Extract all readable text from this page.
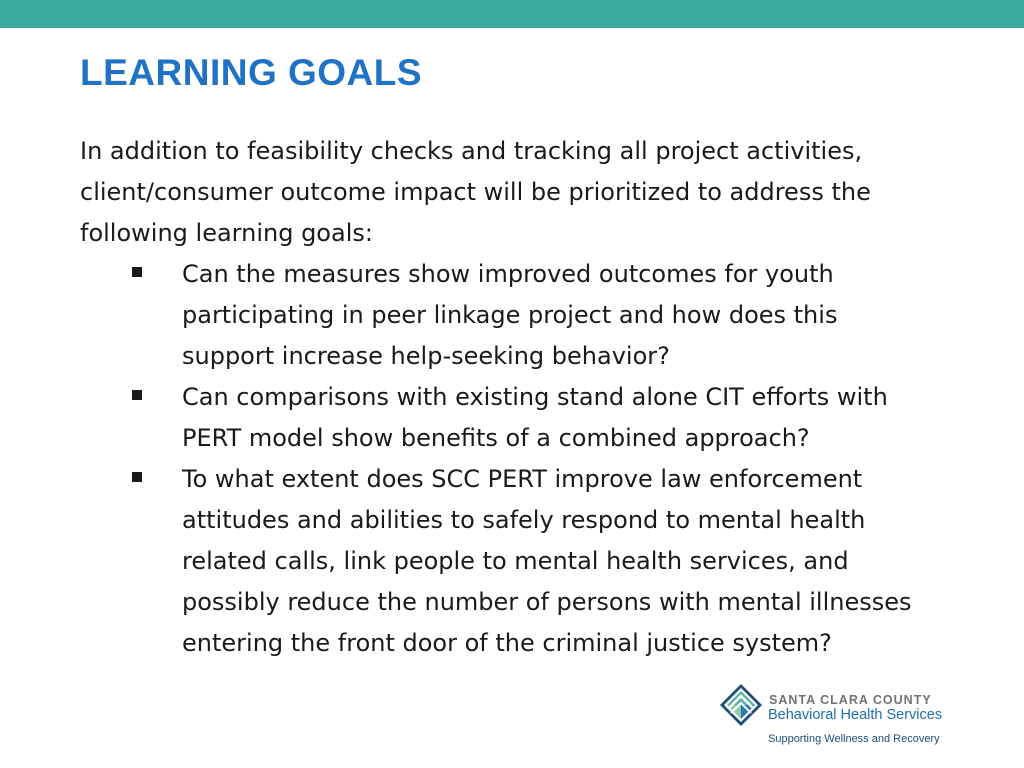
LEARNING GOALS
In addition to feasibility checks and tracking all project activities,
client/consumer outcome impact will be prioritized to address the
following learning goals:
Can the measures show improved outcomes for youth
participating in peer linkage project and how does this
support increase help-seeking behavior?
Can comparisons with existing stand alone CIT efforts with
PERT model show benefits of a combined approach?
To what extent does SCC PERT improve law enforcement
attitudes and abilities to safely respond to mental health
related calls, link people to mental health services, and
possibly reduce the number of persons with mental illnesses
entering the front door of the criminal justice system?
SANTA CLARA COUNTY
Behavioral Health Services
Supporting Wellness and Recovery
